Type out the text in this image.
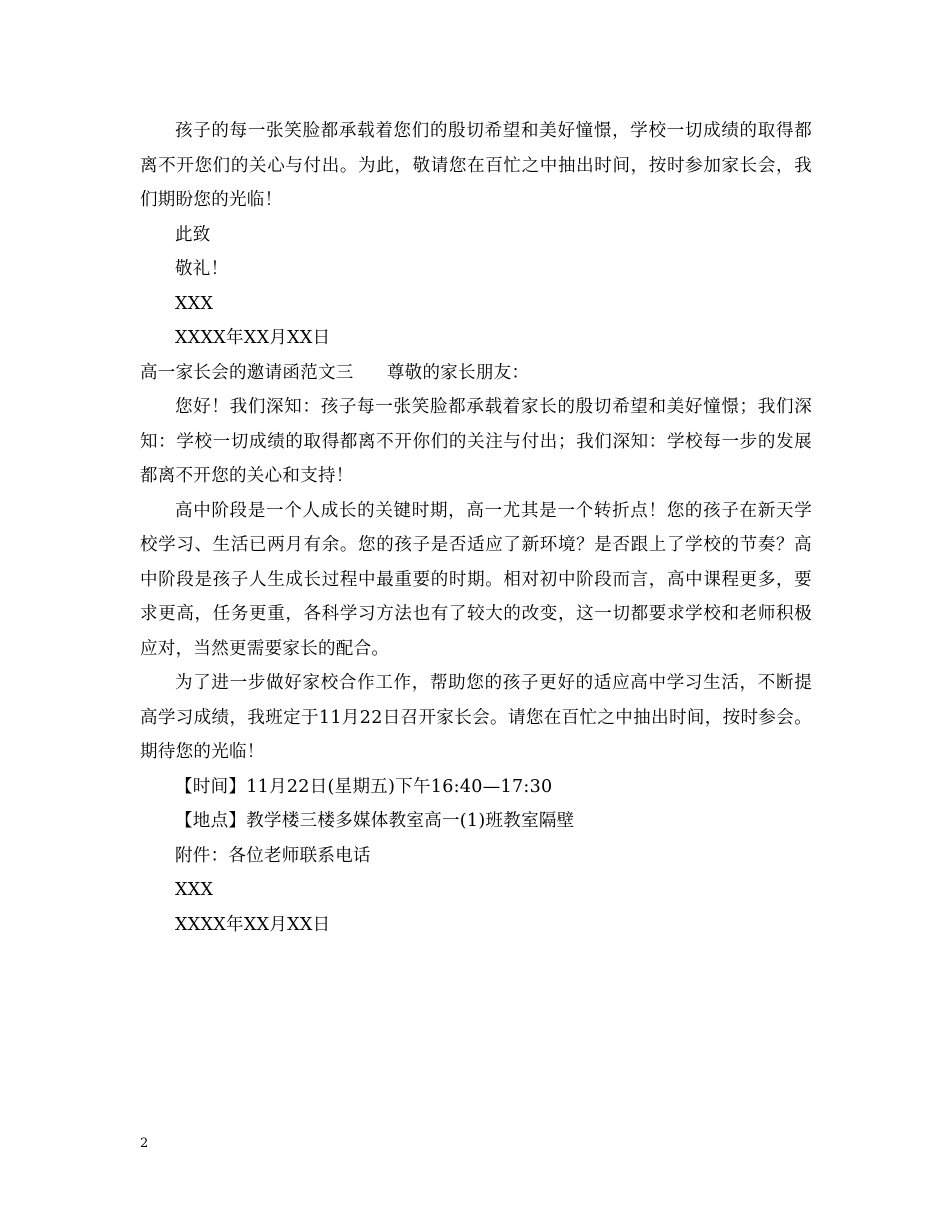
孩子的每一张笑脸都承载着您们的殷切希望和美好憧憬，学校一切成绩的取得都离不开您们的关心与付出。为此，敬请您在百忙之中抽出时间，按时参加家长会，我们期盼您的光临！

此致

敬礼！

XXX

XXXX年XX月XX日

高一家长会的邀请函范文三 尊敬的家长朋友：

您好！我们深知：孩子每一张笑脸都承载着家长的殷切希望和美好憧憬；我们深知：学校一切成绩的取得都离不开你们的关注与付出；我们深知：学校每一步的发展都离不开您的关心和支持！

高中阶段是一个人成长的关键时期，高一尤其是一个转折点！您的孩子在新天学校学习、生活已两月有余。您的孩子是否适应了新环境？是否跟上了学校的节奏？高中阶段是孩子人生成长过程中最重要的时期。相对初中阶段而言，高中课程更多，要求更高，任务更重，各科学习方法也有了较大的改变，这一切都要求学校和老师积极应对，当然更需要家长的配合。

为了进一步做好家校合作工作，帮助您的孩子更好的适应高中学习生活，不断提高学习成绩，我班定于11月22日召开家长会。请您在百忙之中抽出时间，按时参会。期待您的光临！

【时间】11月22日(星期五)下午16:40—17:30

【地点】教学楼三楼多媒体教室高一(1)班教室隔壁

附件：各位老师联系电话

XXX

XXXX年XX月XX日

2
